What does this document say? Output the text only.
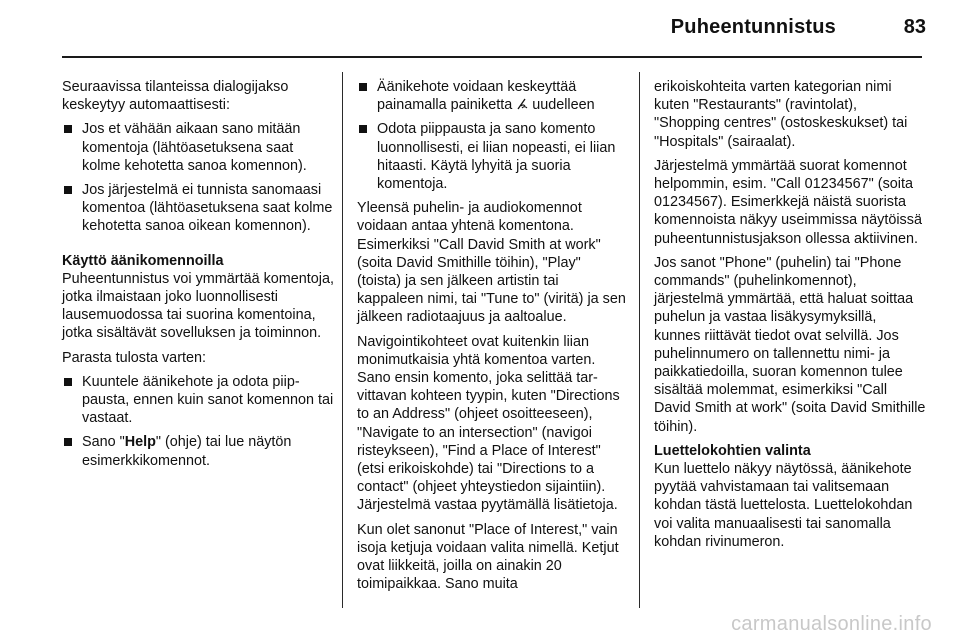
Puheentunnistus	83

Seuraavissa tilanteissa dialogijakso keskeytyy automaattisesti:

Jos et vähään aikaan sano mitään komentoja (lähtöasetuksena saat kolme kehotetta sanoa komennon).
Jos järjestelmä ei tunnista sanomaasi komentoa (lähtöasetuksena saat kolme kehotetta sanoa oikean komennon).

Käyttö äänikomennoilla

Puheentunnistus voi ymmärtää komentoja, jotka ilmaistaan joko luonnollisesti lausemuodossa tai suorina komentoina, jotka sisältävät sovelluksen ja toiminnon.

Parasta tulosta varten:

Kuuntele äänikehote ja odota piippausta, ennen kuin sanot komennon tai vastaat.
Sano "Help" (ohje) tai lue näytön esimerkkikomennot.
Äänikehote voidaan keskeyttää painamalla painiketta uudelleen
Odota piippausta ja sano komento luonnollisesti, ei liian nopeasti, ei liian hitaasti. Käytä lyhyitä ja suoria komentoja.

Yleensä puhelin- ja audiokomennot voidaan antaa yhtenä komentona. Esimerkiksi "Call David Smith at work" (soita David Smithille töihin), "Play" (toista) ja sen jälkeen artistin tai kappaleen nimi, tai "Tune to" (viritä) ja sen jälkeen radiotaajuus ja aaltoalue.

Navigointikohteet ovat kuitenkin liian monimutkaisia yhtä komentoa varten. Sano ensin komento, joka selittää tarvittavan kohteen tyypin, kuten "Directions to an Address" (ohjeet osoitteeseen), "Navigate to an intersection" (navigoi risteykseen), "Find a Place of Interest" (etsi erikoiskohde) tai "Directions to a contact" (ohjeet yhteystiedon sijaintiin). Järjestelmä vastaa pyytämällä lisätietoja.

Kun olet sanonut "Place of Interest," vain isoja ketjuja voidaan valita nimellä. Ketjut ovat liikkeitä, joilla on ainakin 20 toimipaikkaa. Sano muita

erikoiskohteita varten kategorian nimi kuten "Restaurants" (ravintolat), "Shopping centres" (ostoskeskukset) tai "Hospitals" (sairaalat).

Järjestelmä ymmärtää suorat komennot helpommin, esim. "Call 01234567" (soita 01234567). Esimerkkejä näistä suorista komennoista näkyy useimmissa näytöissä puheentunnistusjakson ollessa aktiivinen.

Jos sanot "Phone" (puhelin) tai "Phone commands" (puhelinkomennot), järjestelmä ymmärtää, että haluat soittaa puhelun ja vastaa lisäkysymyksillä, kunnes riittävät tiedot ovat selvillä. Jos puhelinnumero on tallennettu nimi- ja paikkatiedoilla, suoran komennon tulee sisältää molemmat, esimerkiksi "Call David Smith at work" (soita David Smithille töihin).

Luettelokohtien valinta

Kun luettelo näkyy näytössä, äänikehote pyytää vahvistamaan tai valitsemaan kohdan tästä luettelosta. Luettelokohdan voi valita manuaalisesti tai sanomalla kohdan rivinumeron.

carmanualsonline.info
